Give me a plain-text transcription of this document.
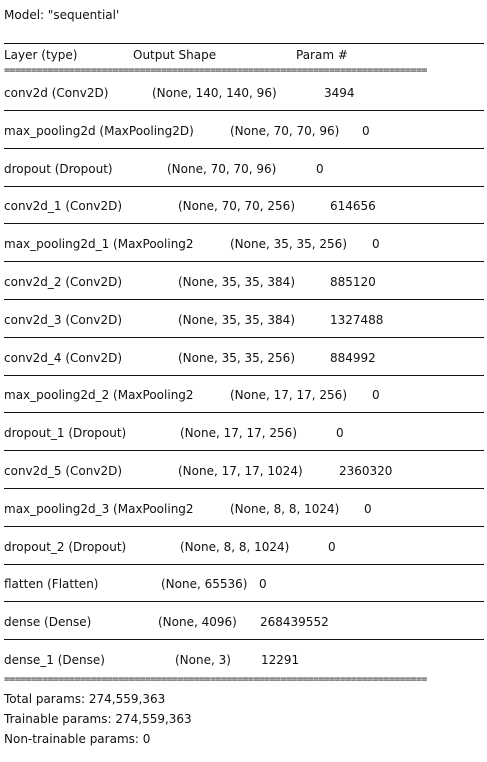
Model: "sequential'
Layer (type)	Output Shape	Param #
==============================================================================
conv2d (Conv2D)	(None, 140, 140, 96)	3494
max_pooling2d (MaxPooling2D)	(None, 70, 70, 96) 0
dropout (Dropout)	(None, 70, 70, 96)	0
conv2d_1 (Conv2D)	(None, 70, 70, 256)	614656
max_pooling2d_1 (MaxPooling2	(None, 35, 35, 256) 0
conv2d_2 (Conv2D)	(None, 35, 35, 384)	885120
conv2d_3 (Conv2D)	(None, 35, 35, 384)	1327488
conv2d_4 (Conv2D)	(None, 35, 35, 256)	884992
max_pooling2d_2 (MaxPooling2	(None, 17, 17, 256) 0
dropout_1 (Dropout)	(None, 17, 17, 256)	0
conv2d_5 (Conv2D)	(None, 17, 17, 1024)	2360320
max_pooling2d_3 (MaxPooling2	(None, 8, 8, 1024) 0
dropout_2 (Dropout)	(None, 8, 8, 1024)	0
flatten (Flatten)	(None, 65536) 0
dense (Dense)	(None, 4096) 268439552
dense_1 (Dense)	(None, 3)	12291
==============================================================================
Total params: 274,559,363
Trainable params: 274,559,363
Non-trainable params: 0
